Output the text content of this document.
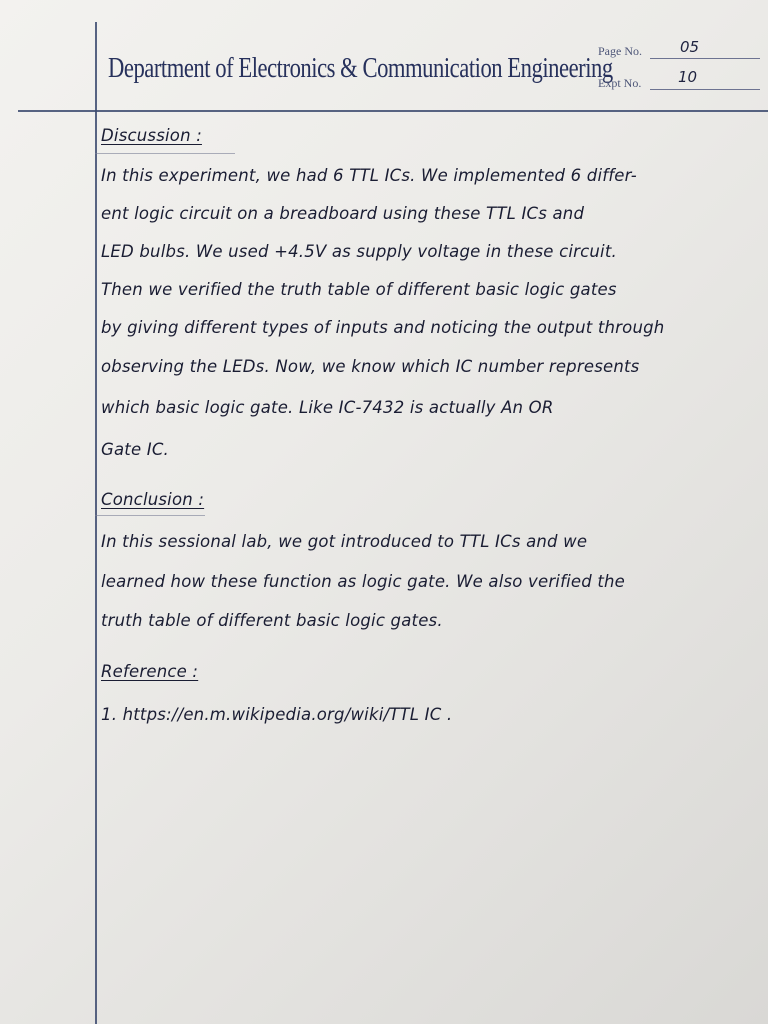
Department of Electronics & Communication Engineering
Page No.	05
Expt No. 10
Discussion :
In this experiment, we had 6 TTL ICs. We implemented 6 differ-
ent logic circuit on a breadboard using these TTL ICs and
LED bulbs. We used +4.5V as supply voltage in these circuit.
Then we verified the truth table of different basic logic gates
by giving different types of inputs and noticing the output through
observing the LEDs. Now, we know which IC number represents
which basic logic gate. Like IC-7432 is actually An OR
Gate IC.
Conclusion :
In this sessional lab, we got introduced to TTL ICs and we
learned how these function as logic gate. We also verified the
truth table of different basic logic gates.
Reference :
1. https://en.m.wikipedia.org/wiki/TTL IC .
